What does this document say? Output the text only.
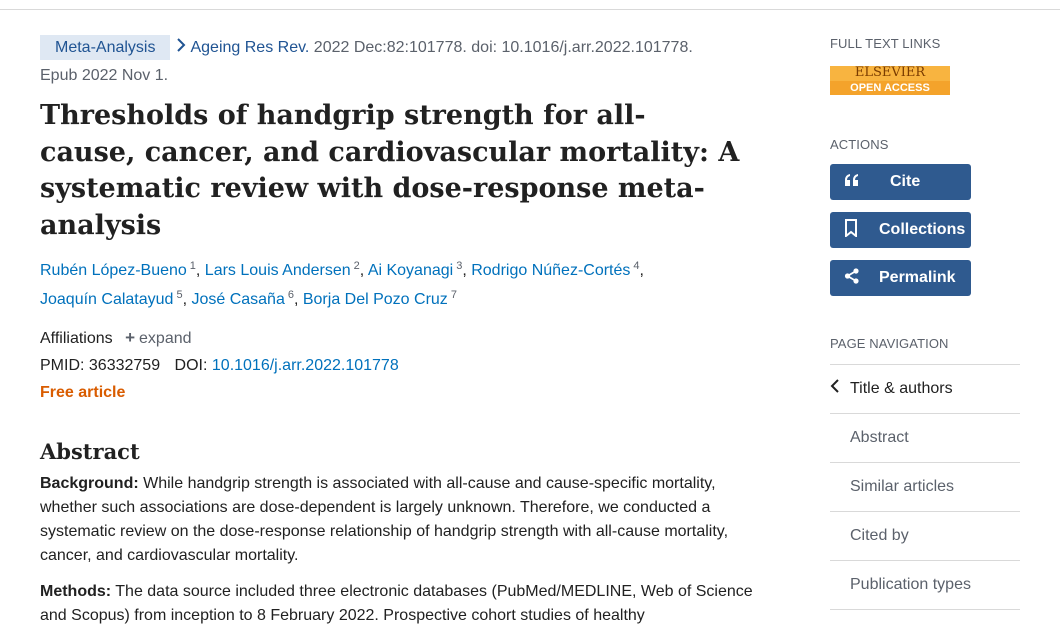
Meta-Analysis Ageing Res Rev. 2022 Dec:82:101778. doi: 10.1016/j.arr.2022.101778.
Epub 2022 Nov 1.
Thresholds of handgrip strength for all-cause, cancer, and cardiovascular mortality: A systematic review with dose-response meta-analysis
Rubén López-Bueno $^1$, Lars Louis Andersen $^2$, Ai Koyanagi $^3$, Rodrigo Núñez-Cortés $^4$,
Joaquín Calatayud $^5$, José Casaña $^6$, Borja Del Pozo Cruz $^7$
Affiliations + expand
PMID: 36332759 DOI: 10.1016/j.arr.2022.101778
Free article
Abstract

Background: While handgrip strength is associated with all-cause and cause-specific mortality, whether such associations are dose-dependent is largely unknown. Therefore, we conducted a systematic review on the dose-response relationship of handgrip strength with all-cause mortality, cancer, and cardiovascular mortality.

Methods: The data source included three electronic databases (PubMed/MEDLINE, Web of Science and Scopus) from inception to 8 February 2022. Prospective cohort studies of healthy

FULL TEXT LINKS
ELSEVIER
OPEN ACCESS
ACTIONS
Cite
Collections
Permalink
PAGE NAVIGATION
Title & authors
Abstract
Similar articles
Cited by
Publication types
